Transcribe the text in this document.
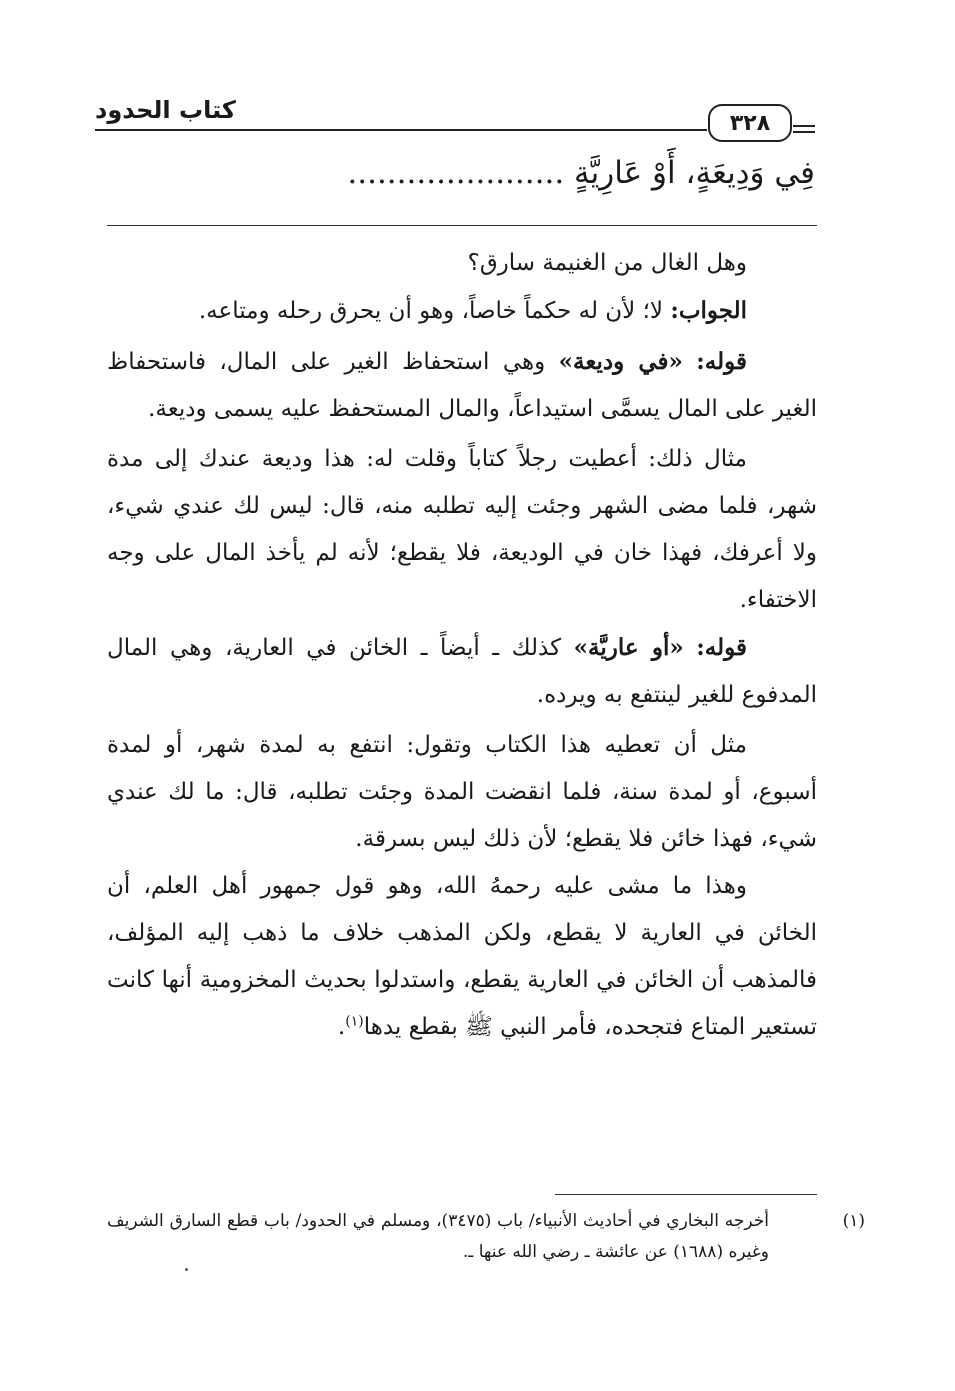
كتاب الحدود	٣٢٨
فِي وَدِيعَةٍ، أَوْ عَارِيَّةٍ ......................

وهل الغال من الغنيمة سارق؟

الجواب: لا؛ لأن له حكماً خاصاً، وهو أن يحرق رحله ومتاعه.

قوله: «في وديعة» وهي استحفاظ الغير على المال، فاستحفاظ الغير على المال يسمَّى استيداعاً، والمال المستحفظ عليه يسمى وديعة.

مثال ذلك: أعطيت رجلاً كتاباً وقلت له: هذا وديعة عندك إلى مدة شهر، فلما مضى الشهر وجئت إليه تطلبه منه، قال: ليس لك عندي شيء، ولا أعرفك، فهذا خان في الوديعة، فلا يقطع؛ لأنه لم يأخذ المال على وجه الاختفاء.

قوله: «أو عاريَّة» كذلك ـ أيضاً ـ الخائن في العارية، وهي المال المدفوع للغير لينتفع به ويرده.

مثل أن تعطيه هذا الكتاب وتقول: انتفع به لمدة شهر، أو لمدة أسبوع، أو لمدة سنة، فلما انقضت المدة وجئت تطلبه، قال: ما لك عندي شيء، فهذا خائن فلا يقطع؛ لأن ذلك ليس بسرقة.

وهذا ما مشى عليه رحمهُ الله، وهو قول جمهور أهل العلم، أن الخائن في العارية لا يقطع، ولكن المذهب خلاف ما ذهب إليه المؤلف، فالمذهب أن الخائن في العارية يقطع، واستدلوا بحديث المخزومية أنها كانت تستعير المتاع فتجحده، فأمر النبي ﷺ بقطع يدها$^{(١)}$.

(١)أخرجه البخاري في أحاديث الأنبياء/ باب (٣٤٧٥)، ومسلم في الحدود/ باب قطع السارق الشريف وغيره (١٦٨٨) عن عائشة ـ رضي الله عنها ـ.
